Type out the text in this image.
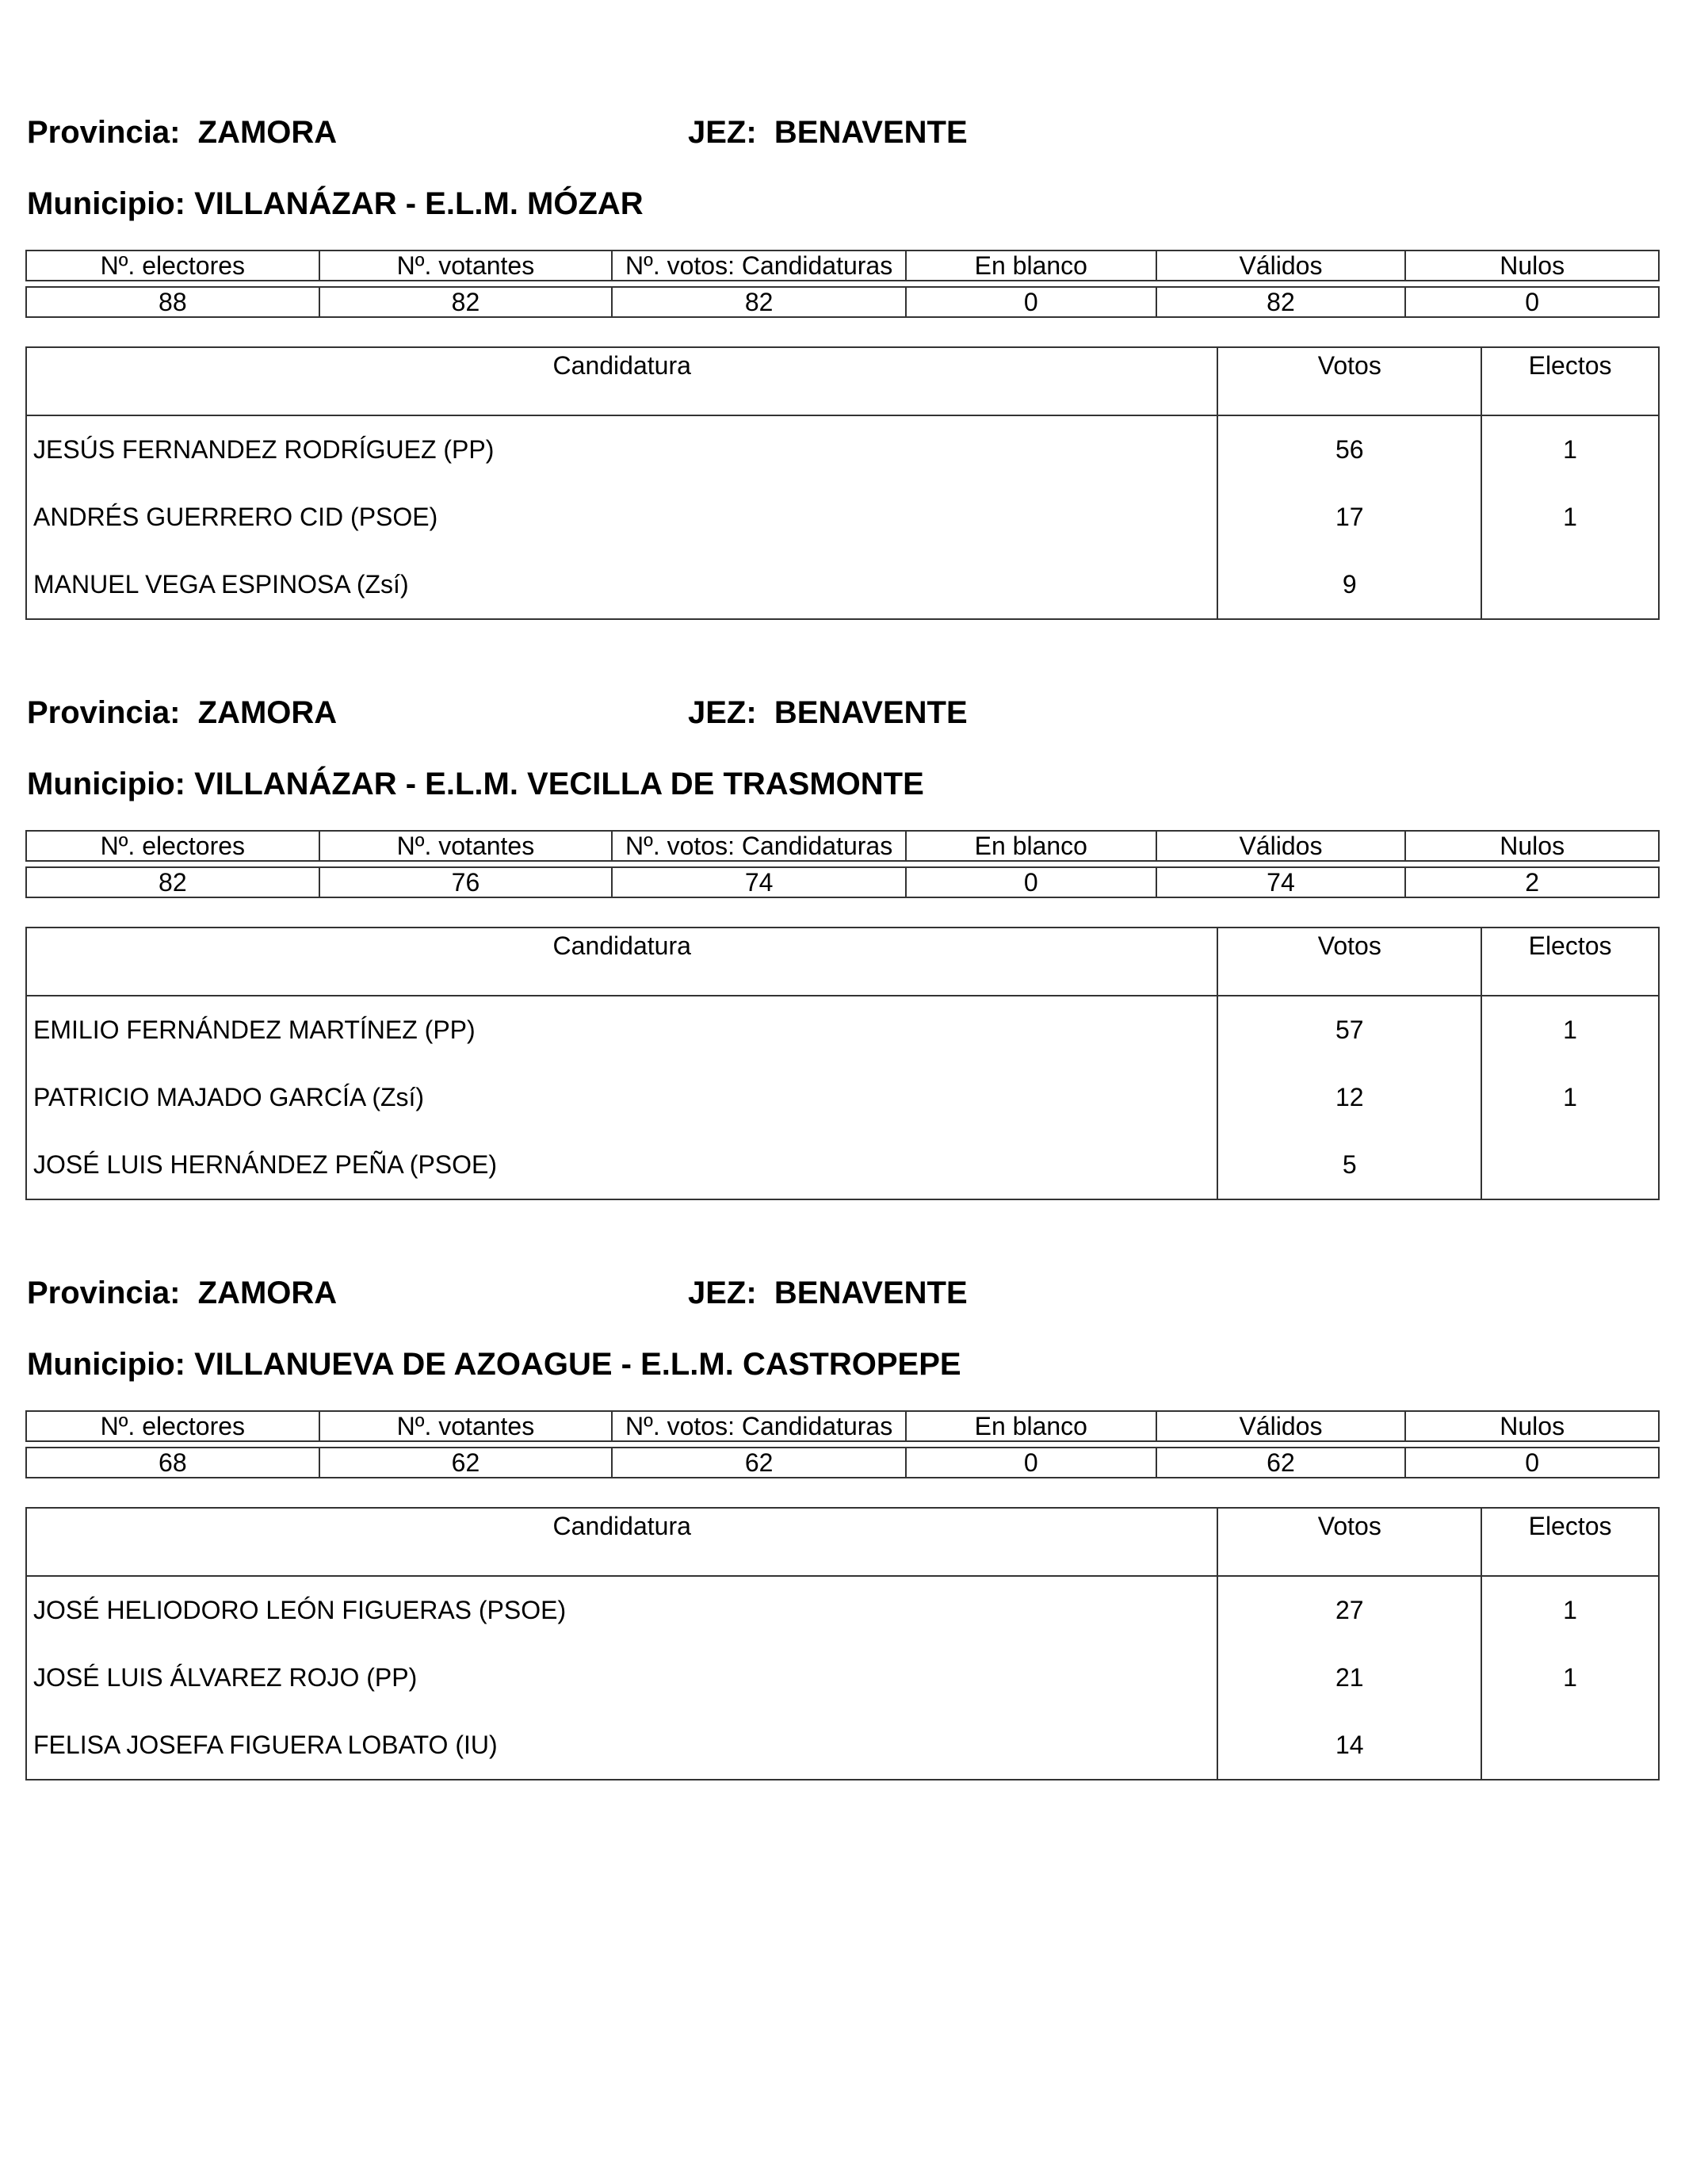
Provincia: ZAMORA	JEZ: BENAVENTE
Municipio: VILLANÁZAR - E.L.M. MÓZAR
Nº. electores	Nº. votantes	Nº. votos: Candidaturas	En blanco	Válidos	Nulos

88	82	82	0	82	0
Candidatura	Votos	Electos
JESÚS FERNANDEZ RODRÍGUEZ (PP)	56	1
ANDRÉS GUERRERO CID (PSOE)	17	1
MANUEL VEGA ESPINOSA (Zsí)	9	
Provincia: ZAMORA	JEZ: BENAVENTE
Municipio: VILLANÁZAR - E.L.M. VECILLA DE TRASMONTE
Nº. electores	Nº. votantes	Nº. votos: Candidaturas	En blanco	Válidos	Nulos

82	76	74	0	74	2
Candidatura	Votos	Electos
EMILIO FERNÁNDEZ MARTÍNEZ (PP)	57	1
PATRICIO MAJADO GARCÍA (Zsí)	12	1
JOSÉ LUIS HERNÁNDEZ PEÑA (PSOE)	5	
Provincia: ZAMORA	JEZ: BENAVENTE
Municipio: VILLANUEVA DE AZOAGUE - E.L.M. CASTROPEPE
Nº. electores	Nº. votantes	Nº. votos: Candidaturas	En blanco	Válidos	Nulos

68	62	62	0	62	0
Candidatura	Votos	Electos
JOSÉ HELIODORO LEÓN FIGUERAS (PSOE)	27	1
JOSÉ LUIS ÁLVAREZ ROJO (PP)	21	1
FELISA JOSEFA FIGUERA LOBATO (IU)	14	
